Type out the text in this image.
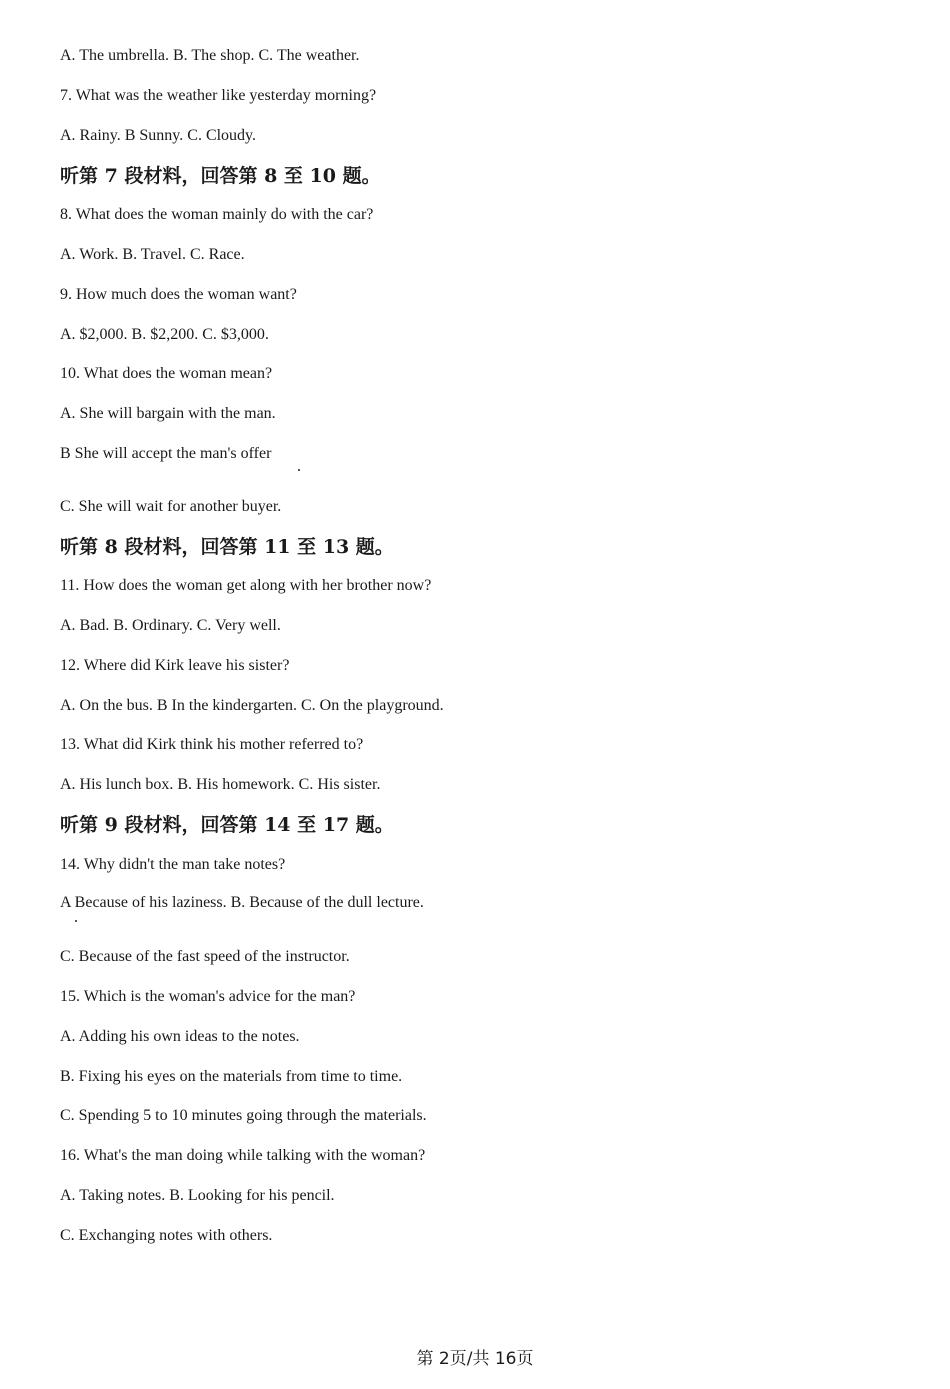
A. The umbrella. B. The shop. C. The weather.
7. What was the weather like yesterday morning?
A. Rainy. B Sunny. C. Cloudy.
听第 7 段材料，回答第 8 至 10 题。
8. What does the woman mainly do with the car?
A. Work. B. Travel. C. Race.
9. How much does the woman want?
A. $2,000. B. $2,200. C. $3,000.
10. What does the woman mean?
A. She will bargain with the man.
B She will accept the man's offer
C. She will wait for another buyer.
听第 8 段材料，回答第 11 至 13 题。
11. How does the woman get along with her brother now?
A. Bad. B. Ordinary. C. Very well.
12. Where did Kirk leave his sister?
A. On the bus. B In the kindergarten. C. On the playground.
13. What did Kirk think his mother referred to?
A. His lunch box. B. His homework. C. His sister.
听第 9 段材料，回答第 14 至 17 题。
14. Why didn't the man take notes?
A Because of his laziness. B. Because of the dull lecture.
C. Because of the fast speed of the instructor.
15. Which is the woman's advice for the man?
A. Adding his own ideas to the notes.
B. Fixing his eyes on the materials from time to time.
C. Spending 5 to 10 minutes going through the materials.
16. What's the man doing while talking with the woman?
A. Taking notes. B. Looking for his pencil.
C. Exchanging notes with others.
第 2页/共 16页
